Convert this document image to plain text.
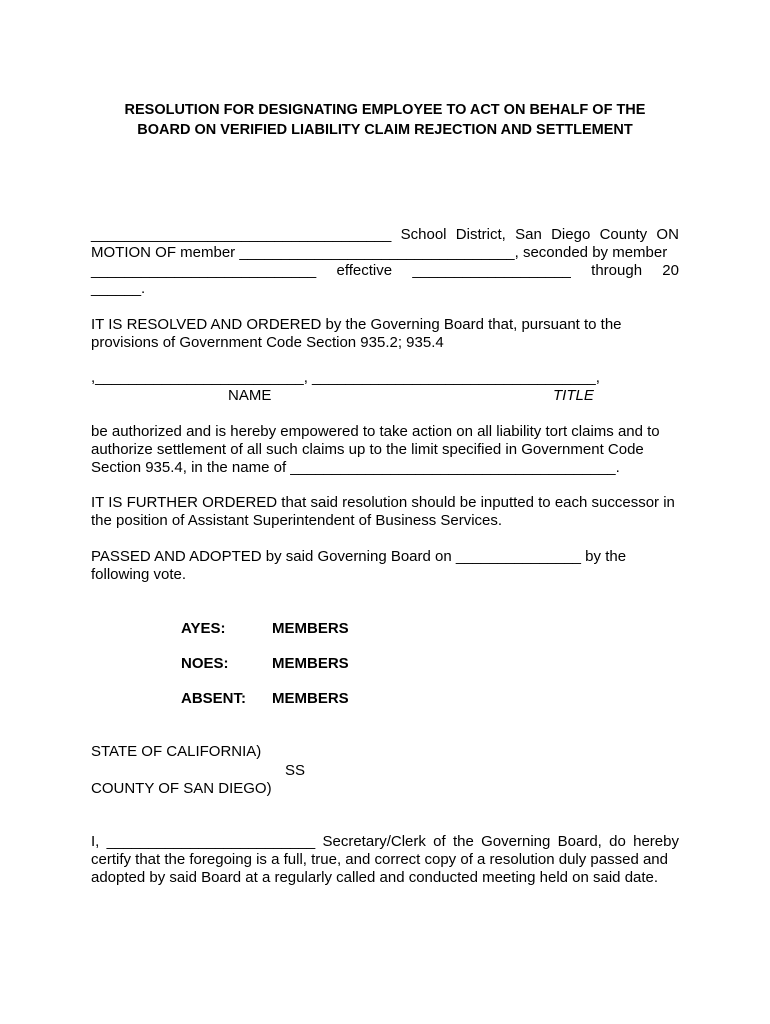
RESOLUTION FOR DESIGNATING EMPLOYEE TO ACT ON BEHALF OF THE
BOARD ON VERIFIED LIABILITY CLAIM REJECTION AND SETTLEMENT
____________________________________ School District, San Diego County ON
MOTION OF member _________________________________, seconded by member
___________________________ effective ___________________ through 20
______.
IT IS RESOLVED AND ORDERED by the Governing Board that, pursuant to the
provisions of Government Code Section 935.2; 935.4
,_________________________, __________________________________,
NAME	TITLE
be authorized and is hereby empowered to take action on all liability tort claims and to
authorize settlement of all such claims up to the limit specified in Government Code
Section 935.4, in the name of _______________________________________.
IT IS FURTHER ORDERED that said resolution should be inputted to each successor in
the position of Assistant Superintendent of Business Services.
PASSED AND ADOPTED by said Governing Board on _______________ by the
following vote.
AYES:	MEMBERS
NOES:	MEMBERS
ABSENT: MEMBERS
STATE OF CALIFORNIA)
SS
COUNTY OF SAN DIEGO)
I, _________________________ Secretary/Clerk of the Governing Board, do hereby
certify that the foregoing is a full, true, and correct copy of a resolution duly passed and
adopted by said Board at a regularly called and conducted meeting held on said date.
